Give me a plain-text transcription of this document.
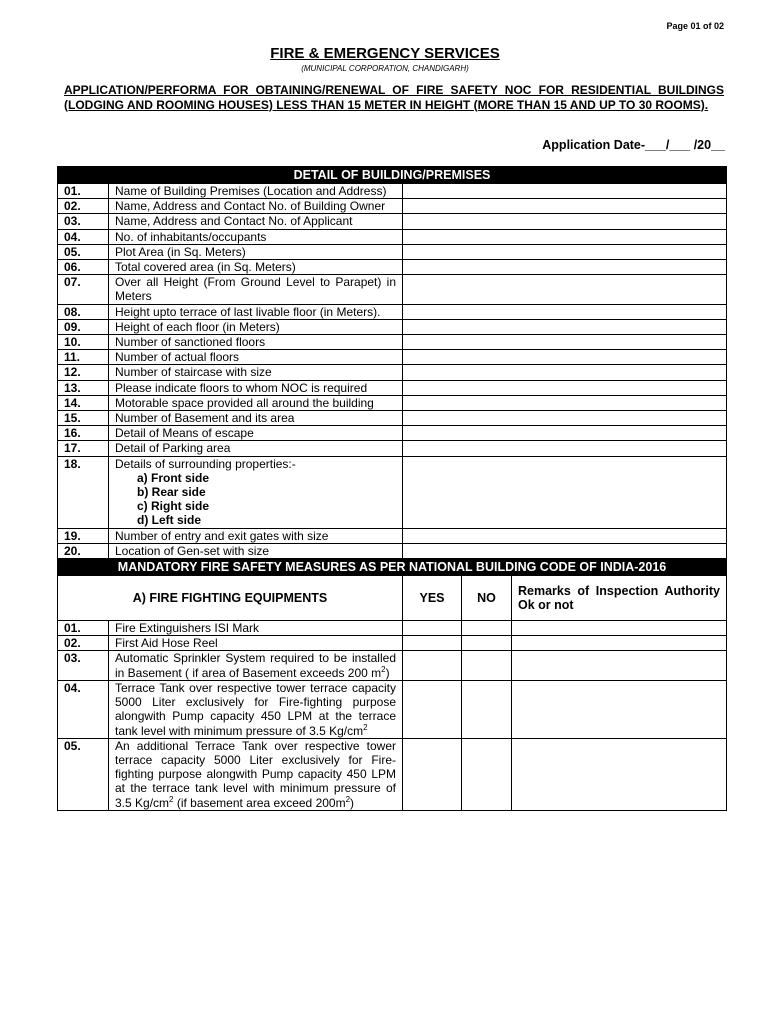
Page 01 of 02
FIRE & EMERGENCY SERVICES
(MUNICIPAL CORPORATION, CHANDIGARH)
APPLICATION/PERFORMA FOR OBTAINING/RENEWAL OF FIRE SAFETY NOC FOR RESIDENTIAL BUILDINGS (LODGING AND ROOMING HOUSES) LESS THAN 15 METER IN HEIGHT (MORE THAN 15 AND UP TO 30 ROOMS).
Application Date-___/___ /20__
DETAIL OF BUILDING/PREMISES				
01.	Name of Building Premises (Location and Address)			
02.	Name, Address and Contact No. of Building Owner			
03.	Name, Address and Contact No. of Applicant			
04.	No. of inhabitants/occupants			
05.	Plot Area (in Sq. Meters)			
06.	Total covered area (in Sq. Meters)			
07.	Over all Height (From Ground Level to Parapet) in Meters			
08.	Height upto terrace of last livable floor (in Meters).			
09.	Height of each floor (in Meters)			
10.	Number of sanctioned floors			
11.	Number of actual floors			
12.	Number of staircase with size			
13.	Please indicate floors to whom NOC is required			
14.	Motorable space provided all around the building			
15.	Number of Basement and its area			
16.	Detail of Means of escape			
17.	Detail of Parking area			
18.	Details of surrounding properties:-
a) Front side
b) Rear side
c) Right side
d) Left side			

19.	Number of entry and exit gates with size			
20.	Location of Gen-set with size			
MANDATORY FIRE SAFETY MEASURES AS PER NATIONAL BUILDING CODE OF INDIA-2016				
A) FIRE FIGHTING EQUIPMENTS		YES	NO	Remarks of Inspection Authority Ok or not
01.	Fire Extinguishers ISI Mark			
02.	First Aid Hose Reel			
03.	Automatic Sprinkler System required to be installed in Basement ( if area of Basement exceeds 200 $m^2$)			
04.	Terrace Tank over respective tower terrace capacity 5000 Liter exclusively for Fire-fighting purpose alongwith Pump capacity 450 LPM at the terrace tank level with minimum pressure of 3.5 $Kg/cm^2$			
05.	An additional Terrace Tank over respective tower terrace capacity 5000 Liter exclusively for Fire-fighting purpose alongwith Pump capacity 450 LPM at the terrace tank level with minimum pressure of 3.5 $Kg/cm^2$ (if basement area exceed $200m^2$)			
